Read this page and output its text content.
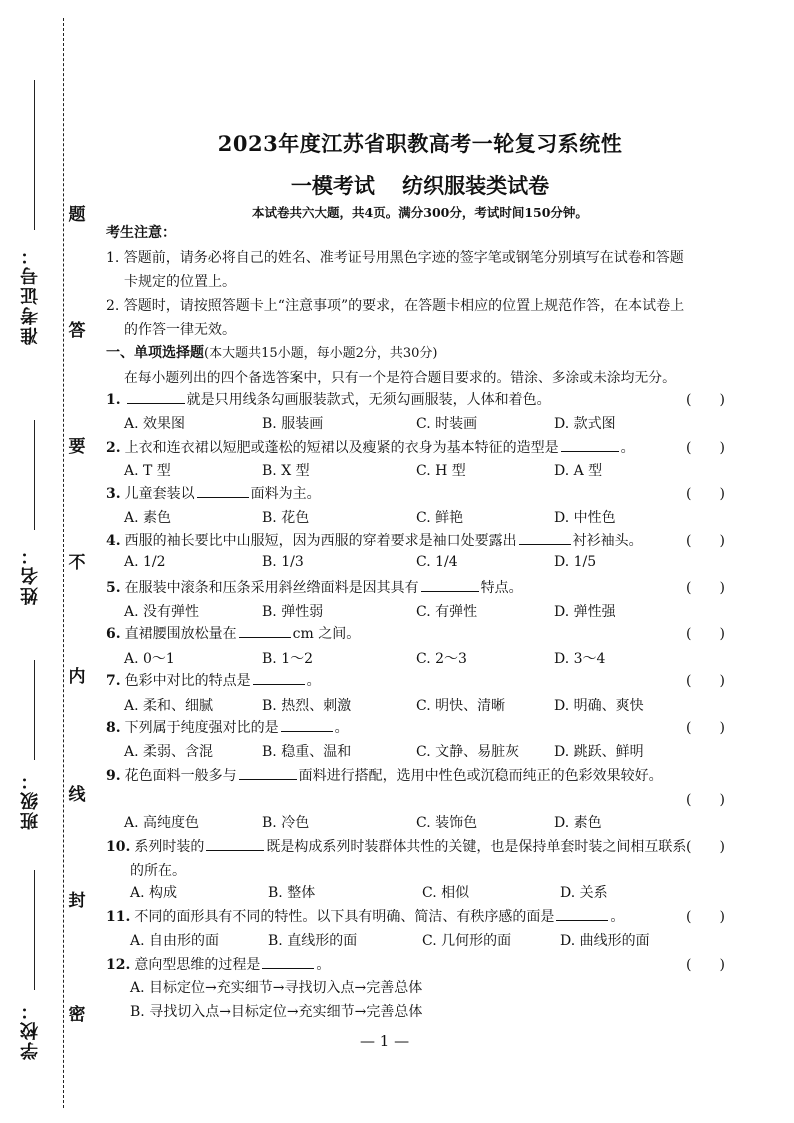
题
答
要
不
内
线
封
密
准考证号：
姓名：
班级：
学校：
2023年度江苏省职教高考一轮复习系统性
一模考试 纺织服装类试卷
本试卷共六大题，共4页。满分300分，考试时间150分钟。
考生注意：
1. 答题前，请务必将自己的姓名、准考证号用黑色字迹的签字笔或钢笔分别填写在试卷和答题
卡规定的位置上。
2. 答题时，请按照答题卡上“注意事项”的要求，在答题卡相应的位置上规范作答，在本试卷上
的作答一律无效。
一、单项选择题(本大题共15小题，每小题2分，共30分)
在每小题列出的四个备选答案中，只有一个是符合题目要求的。错涂、多涂或未涂均无分。
1.	就是只用线条勾画服装款式，无须勾画服装，人体和着色。	(　　)
A. 效果图	B. 服装画	C. 时装画	D. 款式图
2. 上衣和连衣裙以短肥或蓬松的短裙以及瘦紧的衣身为基本特征的造型是	。	(　　)
A. T 型	B. X 型	C. H 型	D. A 型
3. 儿童套装以	面料为主。	(　　)
A. 素色	B. 花色	C. 鲜艳	D. 中性色
4. 西服的袖长要比中山服短，因为西服的穿着要求是袖口处要露出	衬衫袖头。	(　　)
A. 1/2	B. 1/3	C. 1/4	D. 1/5
5. 在服装中滚条和压条采用斜丝绺面料是因其具有	特点。	(　　)
A. 没有弹性	B. 弹性弱	C. 有弹性	D. 弹性强
6. 直裙腰围放松量在	cm 之间。	(　　)
A. 0～1	B. 1～2	C. 2～3	D. 3～4
7. 色彩中对比的特点是	。	(　　)
A. 柔和、细腻	B. 热烈、刺激	C. 明快、清晰	D. 明确、爽快
8. 下列属于纯度强对比的是	。	(　　)
A. 柔弱、含混	B. 稳重、温和	C. 文静、易脏灰 D. 跳跃、鲜明
9. 花色面料一般多与	面料进行搭配，选用中性色或沉稳而纯正的色彩效果较好。
(　　)
A. 高纯度色	B. 冷色	C. 装饰色	D. 素色
10. 系列时装的	既是构成系列时装群体共性的关键，也是保持单套时装之间相互联系
的所在。
(　　)
A. 构成	B. 整体	C. 相似	D. 关系
11. 不同的面形具有不同的特性。以下具有明确、简洁、有秩序感的面是	。	(　　)
A. 自由形的面	B. 直线形的面	C. 几何形的面	D. 曲线形的面
12. 意向型思维的过程是	。	(　　)
A. 目标定位→充实细节→寻找切入点→完善总体
B. 寻找切入点→目标定位→充实细节→完善总体
— 1 —
